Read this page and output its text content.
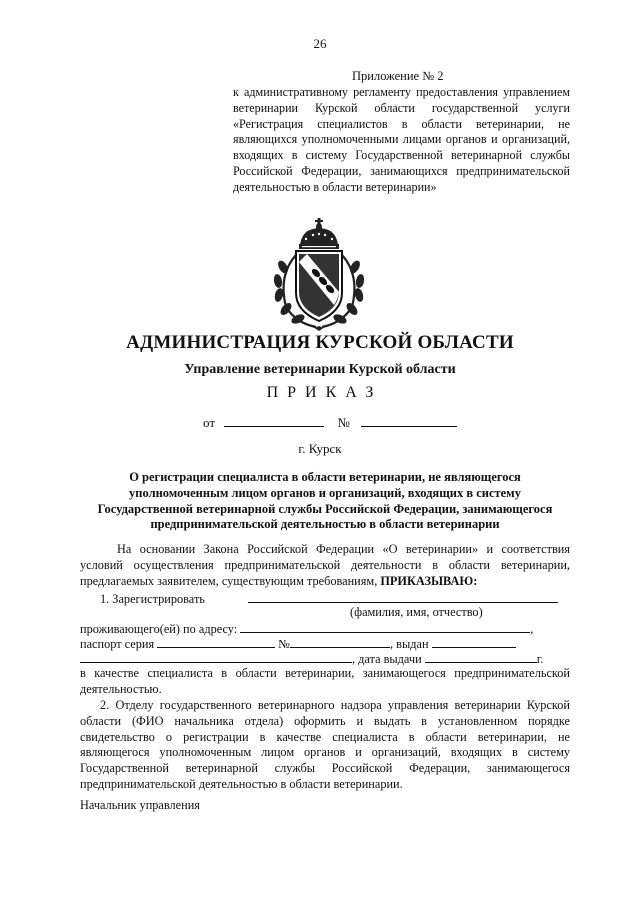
26
Приложение № 2
к административному регламенту предоставления управлением ветеринарии Курской области государственной услуги «Регистрация специалистов в области ветеринарии, не являющихся уполномоченными лицами органов и организаций, входящих в систему Государственной ветеринарной службы Российской Федерации, занимающихся предпринимательской деятельностью в области ветеринарии»
АДМИНИСТРАЦИЯ КУРСКОЙ ОБЛАСТИ
Управление ветеринарии Курской области
ПРИКАЗ
от	№
г. Курск
О регистрации специалиста в области ветеринарии, не являющегося уполномоченным лицом органов и организаций, входящих в систему Государственной ветеринарной службы Российской Федерации, занимающегося предпринимательской деятельностью в области ветеринарии
На основании Закона Российской Федерации «О ветеринарии» и соответствия условий осуществления предпринимательской деятельности в области ветеринарии, предлагаемых заявителем, существующим требованиям, ПРИКАЗЫВАЮ:
1. Зарегистрировать
(фамилия, имя, отчество)
проживающего(ей) по адресу:	,
паспорт серия	№	, выдан
, дата выдачи	г.
в качестве специалиста в области ветеринарии, занимающегося предпринимательской деятельностью.
2. Отделу государственного ветеринарного надзора управления ветеринарии Курской области (ФИО начальника отдела) оформить и выдать в установленном порядке свидетельство о регистрации в качестве специалиста в области ветеринарии, не являющегося уполномоченным лицом органов и организаций, входящих в систему Государственной ветеринарной службы Российской Федерации, занимающегося предпринимательской деятельностью в области ветеринарии.
Начальник управления
